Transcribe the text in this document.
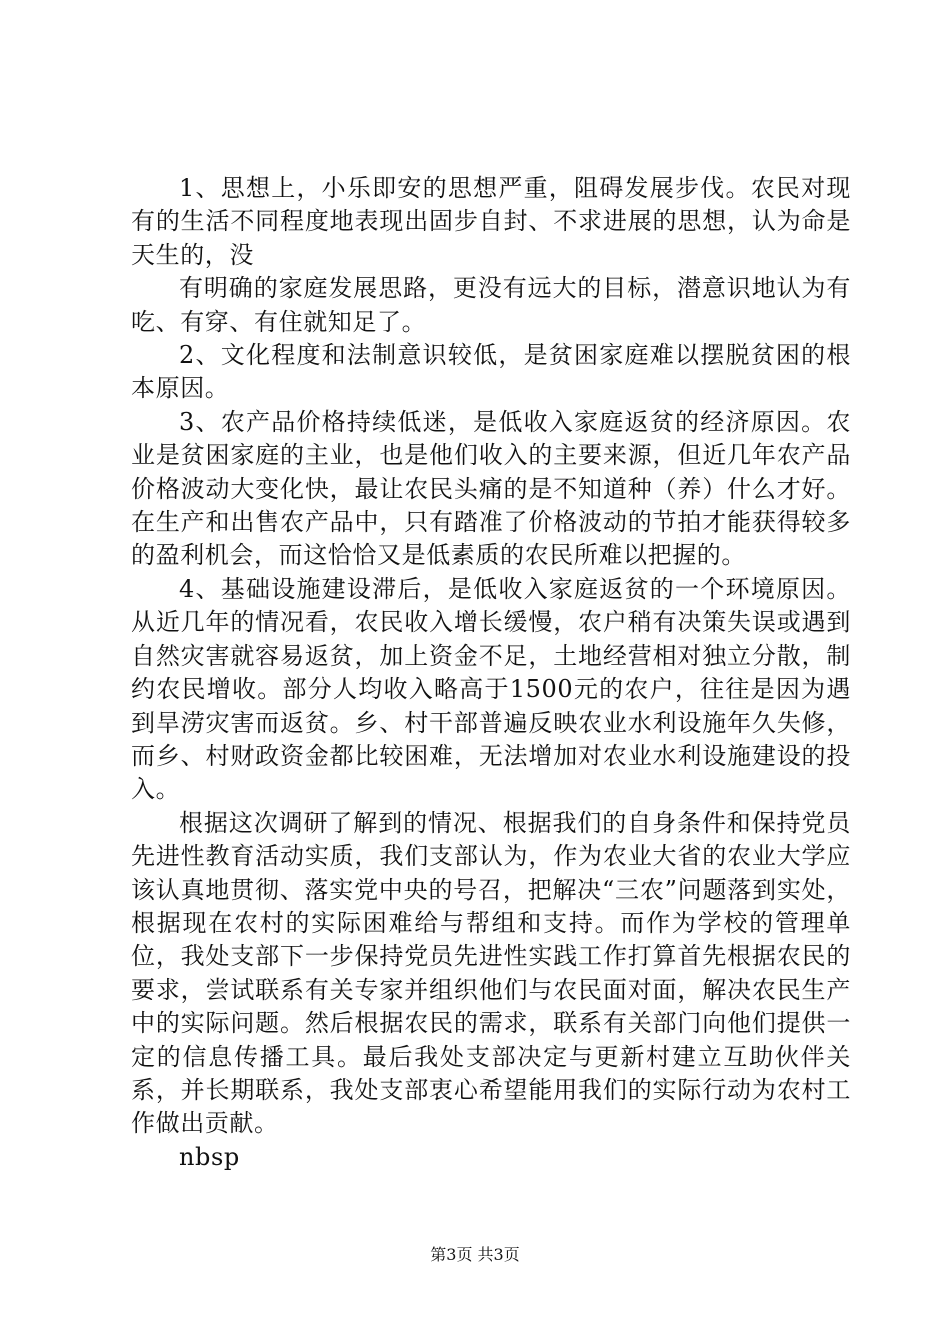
1、思想上，小乐即安的思想严重，阻碍发展步伐。农民对现有的生活不同程度地表现出固步自封、不求进展的思想，认为命是天生的，没

有明确的家庭发展思路，更没有远大的目标，潜意识地认为有吃、有穿、有住就知足了。

2、文化程度和法制意识较低，是贫困家庭难以摆脱贫困的根本原因。

3、农产品价格持续低迷，是低收入家庭返贫的经济原因。农业是贫困家庭的主业，也是他们收入的主要来源，但近几年农产品价格波动大变化快，最让农民头痛的是不知道种（养）什么才好。在生产和出售农产品中，只有踏准了价格波动的节拍才能获得较多的盈利机会，而这恰恰又是低素质的农民所难以把握的。

4、基础设施建设滞后，是低收入家庭返贫的一个环境原因。从近几年的情况看，农民收入增长缓慢，农户稍有决策失误或遇到自然灾害就容易返贫，加上资金不足，土地经营相对独立分散，制约农民增收。部分人均收入略高于1500元的农户，往往是因为遇到旱涝灾害而返贫。乡、村干部普遍反映农业水利设施年久失修，而乡、村财政资金都比较困难，无法增加对农业水利设施建设的投入。

根据这次调研了解到的情况、根据我们的自身条件和保持党员先进性教育活动实质，我们支部认为，作为农业大省的农业大学应该认真地贯彻、落实党中央的号召，把解决“三农”问题落到实处，根据现在农村的实际困难给与帮组和支持。而作为学校的管理单位，我处支部下一步保持党员先进性实践工作打算首先根据农民的要求，尝试联系有关专家并组织他们与农民面对面，解决农民生产中的实际问题。然后根据农民的需求，联系有关部门向他们提供一定的信息传播工具。最后我处支部决定与更新村建立互助伙伴关系，并长期联系，我处支部衷心希望能用我们的实际行动为农村工作做出贡献。

nbsp

第3页 共3页
